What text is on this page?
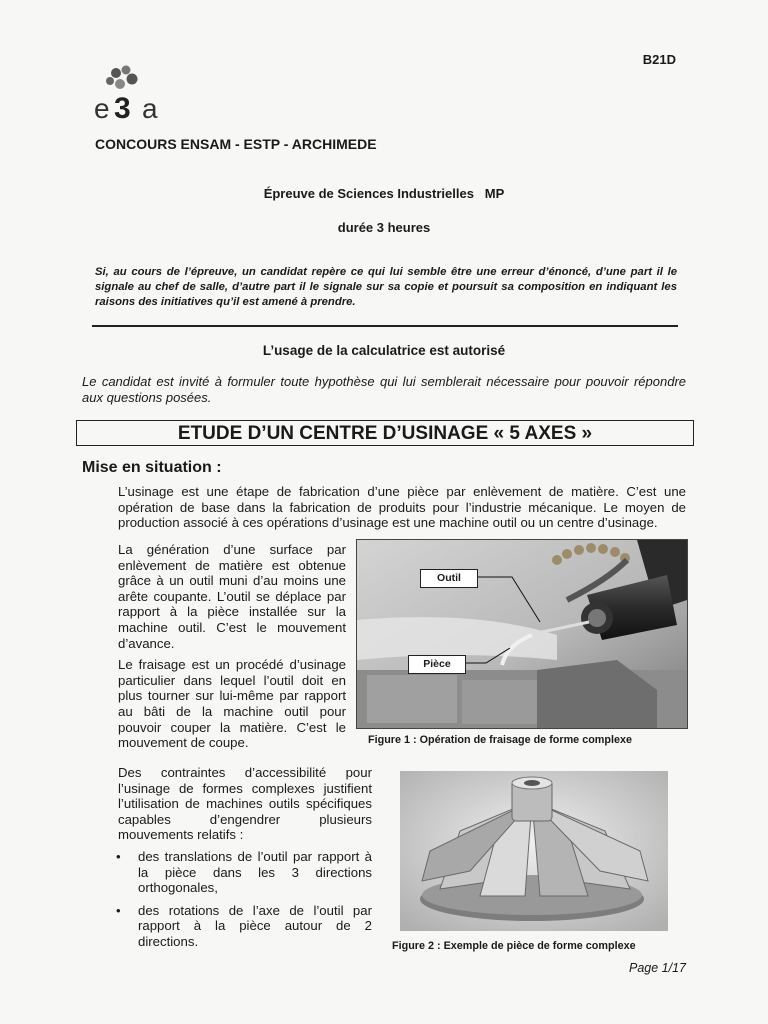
B21D
e 3 a
CONCOURS ENSAM - ESTP - ARCHIMEDE
Épreuve de Sciences Industrielles   MP
durée 3 heures
Si, au cours de l’épreuve, un candidat repère ce qui lui semble être une erreur d’énoncé, d’une part il le signale au chef de salle, d’autre part il le signale sur sa copie et poursuit sa composition en indiquant les raisons des initiatives qu’il est amené à prendre.
L’usage de la calculatrice est autorisé
Le candidat est invité à formuler toute hypothèse qui lui semblerait nécessaire pour pouvoir répondre aux questions posées.
ETUDE D’UN CENTRE D’USINAGE « 5 AXES »
Mise en situation :
L’usinage est une étape de fabrication d’une pièce par enlèvement de matière. C’est une opération de base dans la fabrication de produits pour l’industrie mécanique. Le moyen de production associé à ces opérations d’usinage est une machine outil ou un centre d’usinage.

La génération d’une surface par enlèvement de matière est obtenue grâce à un outil muni d’au moins une arête coupante. L’outil se déplace par rapport à la pièce installée sur la machine outil. C’est le mouvement d’avance.

Le fraisage est un procédé d’usinage particulier dans lequel l’outil doit en plus tourner sur lui-même par rapport au bâti de la machine outil pour pouvoir couper la matière. C’est le mouvement de coupe.

Outil
Pièce
Figure 1 : Opération de fraisage de forme complexe
Des contraintes d’accessibilité pour l’usinage de formes complexes justifient l’utilisation de machines outils spécifiques capables d’engendrer plusieurs mouvements relatifs :
• des translations de l’outil par rapport à la pièce dans les 3 directions orthogonales,
• des rotations de l’axe de l’outil par rapport à la pièce autour de 2 directions.	Figure 2 : Exemple de pièce de forme complexe
Page 1/17
